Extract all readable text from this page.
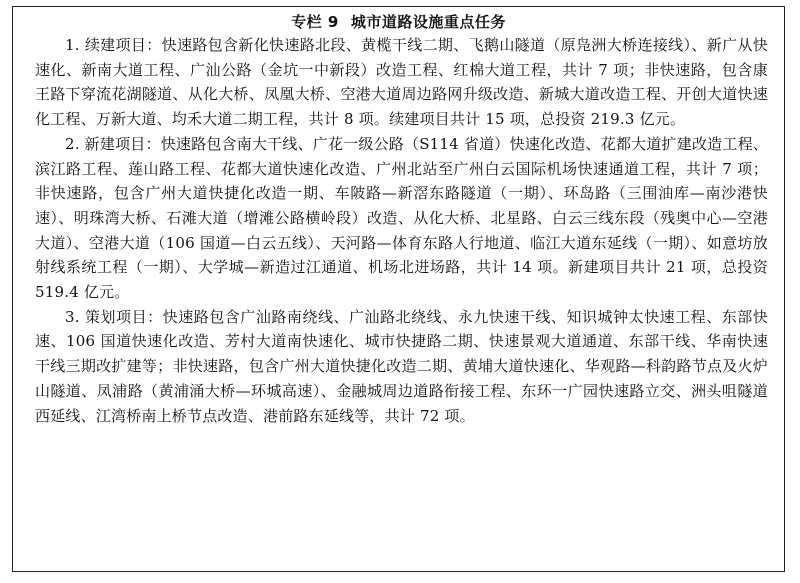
专栏 9 城市道路设施重点任务

1. 续建项目：快速路包含新化快速路北段、黄榄干线二期、飞鹅山隧道（原凫洲大桥连接线）、新广从快速化、新南大道工程、广汕公路（金坑一中新段）改造工程、红棉大道工程，共计 7 项；非快速路，包含康王路下穿流花湖隧道、从化大桥、凤凰大桥、空港大道周边路网升级改造、新城大道改造工程、开创大道快速化工程、万新大道、均禾大道二期工程，共计 8 项。续建项目共计 15 项，总投资 219.3 亿元。

2. 新建项目：快速路包含南大干线、广花一级公路（S114 省道）快速化改造、花都大道扩建改造工程、滨江路工程、莲山路工程、花都大道快速化改造、广州北站至广州白云国际机场快速通道工程，共计 7 项；非快速路，包含广州大道快捷化改造一期、车陂路—新滘东路隧道（一期）、环岛路（三围油库—南沙港快速）、明珠湾大桥、石滩大道（增滩公路横岭段）改造、从化大桥、北星路、白云三线东段（残奥中心—空港大道）、空港大道（106 国道—白云五线）、天河路—体育东路人行地道、临江大道东延线（一期）、如意坊放射线系统工程（一期）、大学城—新造过江通道、机场北进场路，共计 14 项。新建项目共计 21 项，总投资 519.4 亿元。

3. 策划项目：快速路包含广汕路南绕线、广汕路北绕线、永九快速干线、知识城钟太快速工程、东部快速、106 国道快速化改造、芳村大道南快速化、城市快捷路二期、快速景观大道通道、东部干线、华南快速干线三期改扩建等；非快速路，包含广州大道快捷化改造二期、黄埔大道快速化、华观路—科韵路节点及火炉山隧道、凤浦路（黄浦涌大桥—环城高速）、金融城周边道路衔接工程、东环一广园快速路立交、洲头咀隧道西延线、江湾桥南上桥节点改造、港前路东延线等，共计 72 项。
